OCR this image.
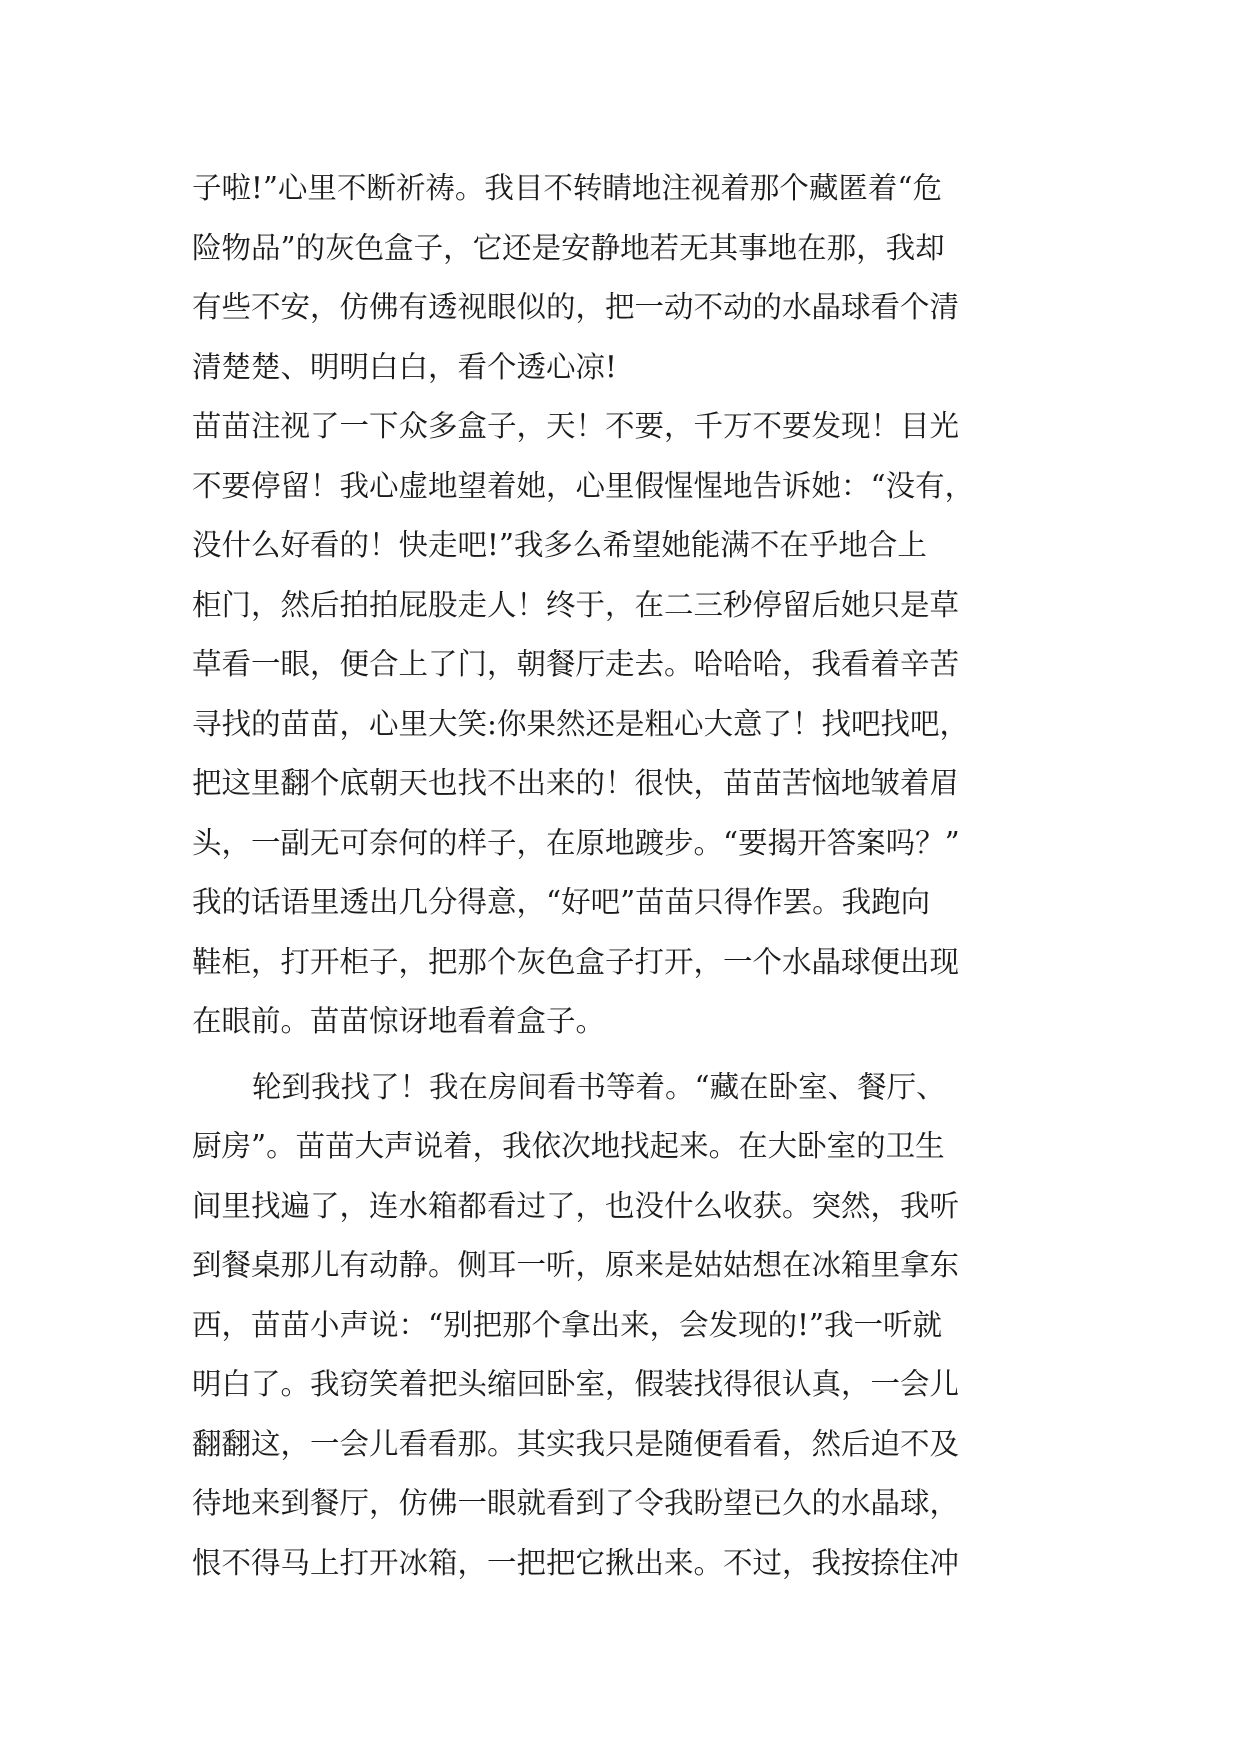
子啦!”心里不断祈祷。我目不转睛地注视着那个藏匿着“危
险物品”的灰色盒子，它还是安静地若无其事地在那，我却
有些不安，仿佛有透视眼似的，把一动不动的水晶球看个清
清楚楚、明明白白，看个透心凉!
苗苗注视了一下众多盒子，天！不要，千万不要发现！目光
不要停留！我心虚地望着她，心里假惺惺地告诉她：“没有，
没什么好看的！快走吧!”我多么希望她能满不在乎地合上
柜门，然后拍拍屁股走人！终于，在二三秒停留后她只是草
草看一眼，便合上了门，朝餐厅走去。哈哈哈，我看着辛苦
寻找的苗苗，心里大笑:你果然还是粗心大意了！找吧找吧，
把这里翻个底朝天也找不出来的！很快，苗苗苦恼地皱着眉
头，一副无可奈何的样子，在原地踱步。“要揭开答案吗？”
我的话语里透出几分得意，“好吧”苗苗只得作罢。我跑向
鞋柜，打开柜子，把那个灰色盒子打开，一个水晶球便出现
在眼前。苗苗惊讶地看着盒子。
轮到我找了！我在房间看书等着。“藏在卧室、餐厅、
厨房”。苗苗大声说着，我依次地找起来。在大卧室的卫生
间里找遍了，连水箱都看过了，也没什么收获。突然，我听
到餐桌那儿有动静。侧耳一听，原来是姑姑想在冰箱里拿东
西，苗苗小声说：“别把那个拿出来，会发现的!”我一听就
明白了。我窃笑着把头缩回卧室，假装找得很认真，一会儿
翻翻这，一会儿看看那。其实我只是随便看看，然后迫不及
待地来到餐厅，仿佛一眼就看到了令我盼望已久的水晶球，
恨不得马上打开冰箱，一把把它揪出来。不过，我按捺住冲
